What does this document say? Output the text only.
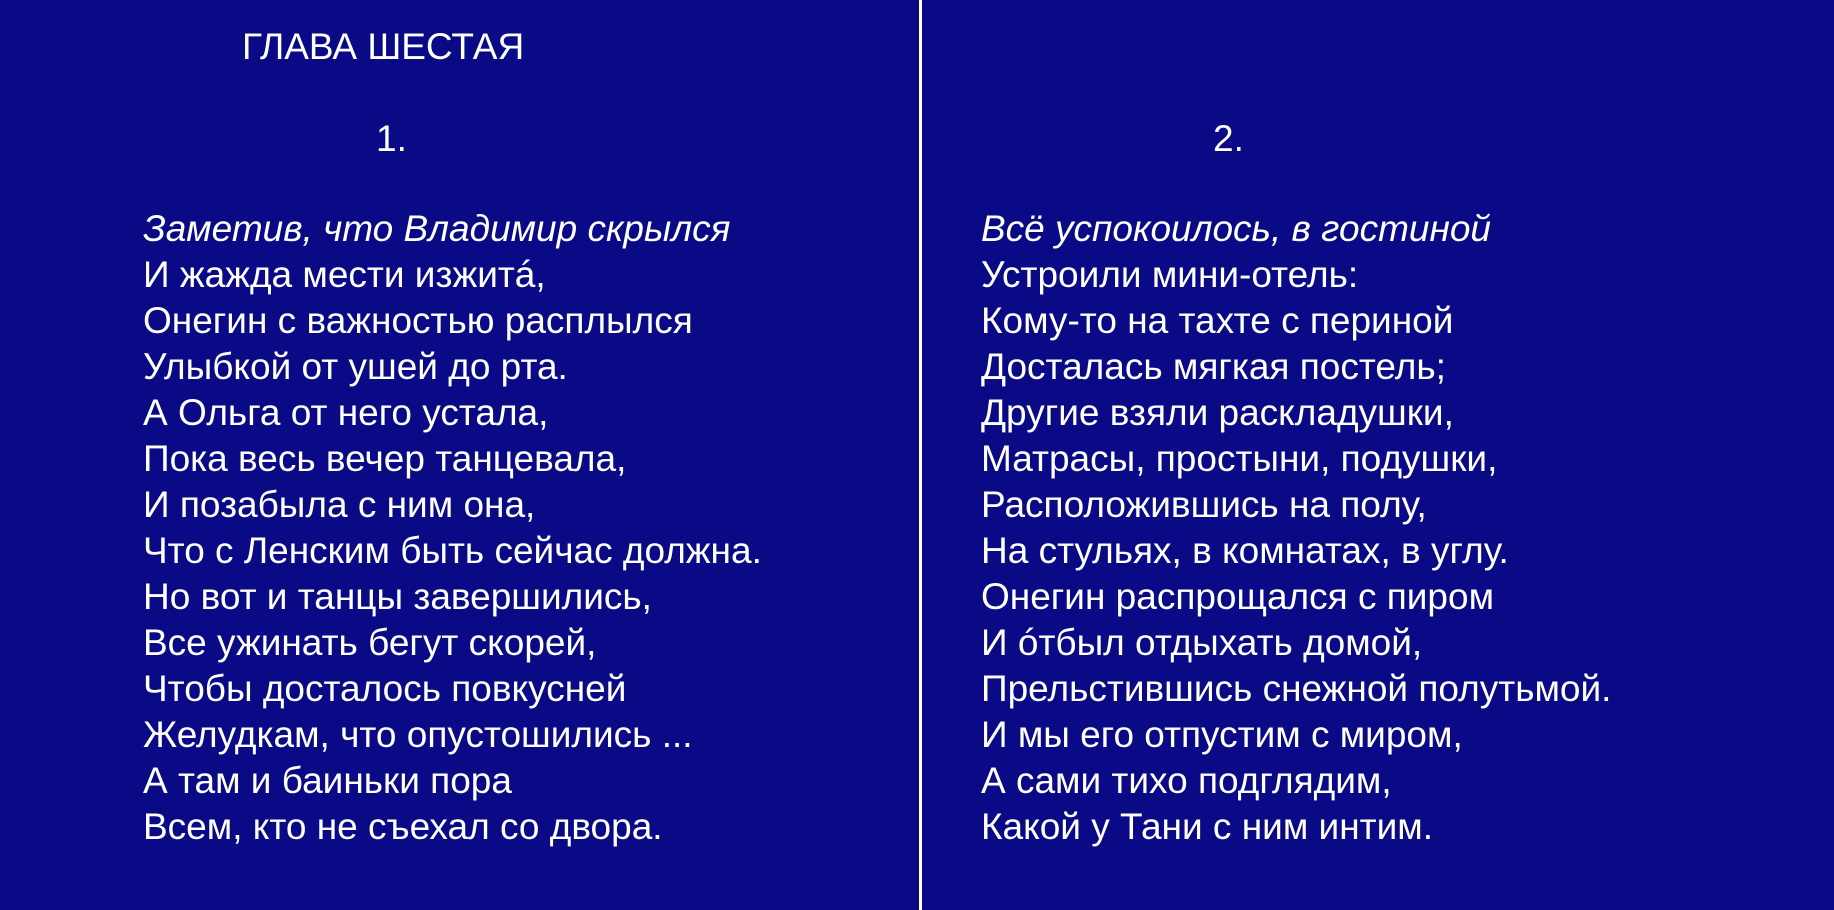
ГЛАВА ШЕСТАЯ
1.
Заметив, что Владимир скрылся
И жажда мести изжитá,
Онегин с важностью расплылся
Улыбкой от ушей до рта.
А Ольга от него устала,
Пока весь вечер танцевала,
И позабыла с ним она,
Что с Ленским быть сейчас должна.
Но вот и танцы завершились,
Все ужинать бегут скорей,
Чтобы досталось повкусней
Желудкам, что опустошились ...
А там и баиньки пора
Всем, кто не съехал со двора.
2.
Всё успокоилось, в гостиной
Устроили мини-отель:
Кому-то на тахте с периной
Досталась мягкая постель;
Другие взяли раскладушки,
Матрасы, простыни, подушки,
Расположившись на полу,
На стульях, в комнатах, в углу.
Онегин распрощался с пиром
И óтбыл отдыхать домой,
Прельстившись снежной полутьмой.
И мы его отпустим с миром,
А сами тихо подглядим,
Какой у Тани с ним интим.
